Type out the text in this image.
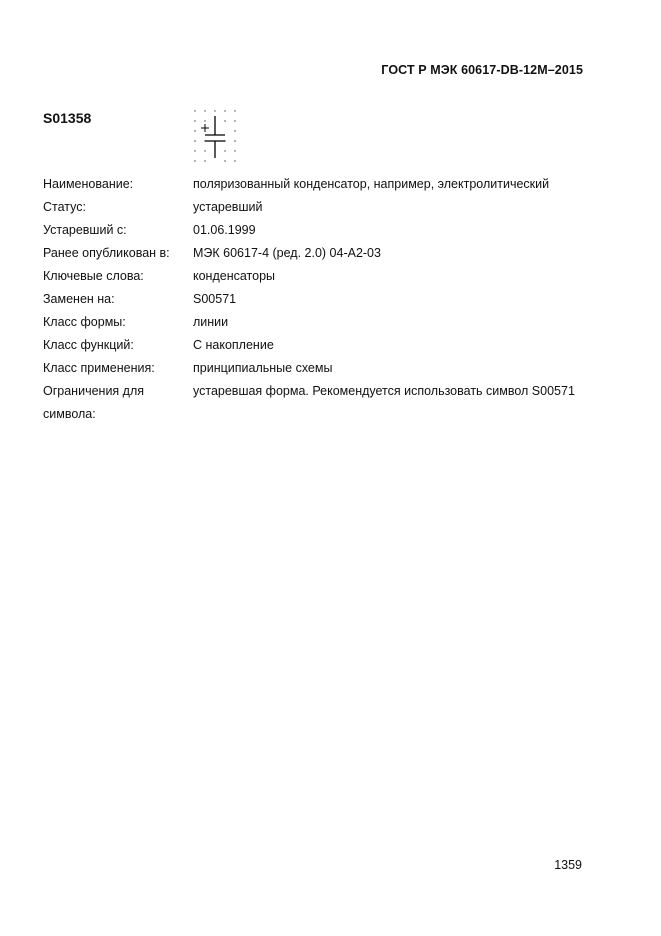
ГОСТ Р МЭК 60617-DB-12M–2015
S01358
Наименование:	поляризованный конденсатор, например, электролитический
Статус:	устаревший
Устаревший с:	01.06.1999
Ранее опубликован в:	МЭК 60617-4 (ред. 2.0) 04-A2-03
Ключевые слова:	конденсаторы
Заменен на:	S00571
Класс формы:	линии
Класс функций:	С накопление
Класс применения:	принципиальные схемы
Ограничения для символа:
устаревшая форма. Рекомендуется использовать символ S00571
1359
